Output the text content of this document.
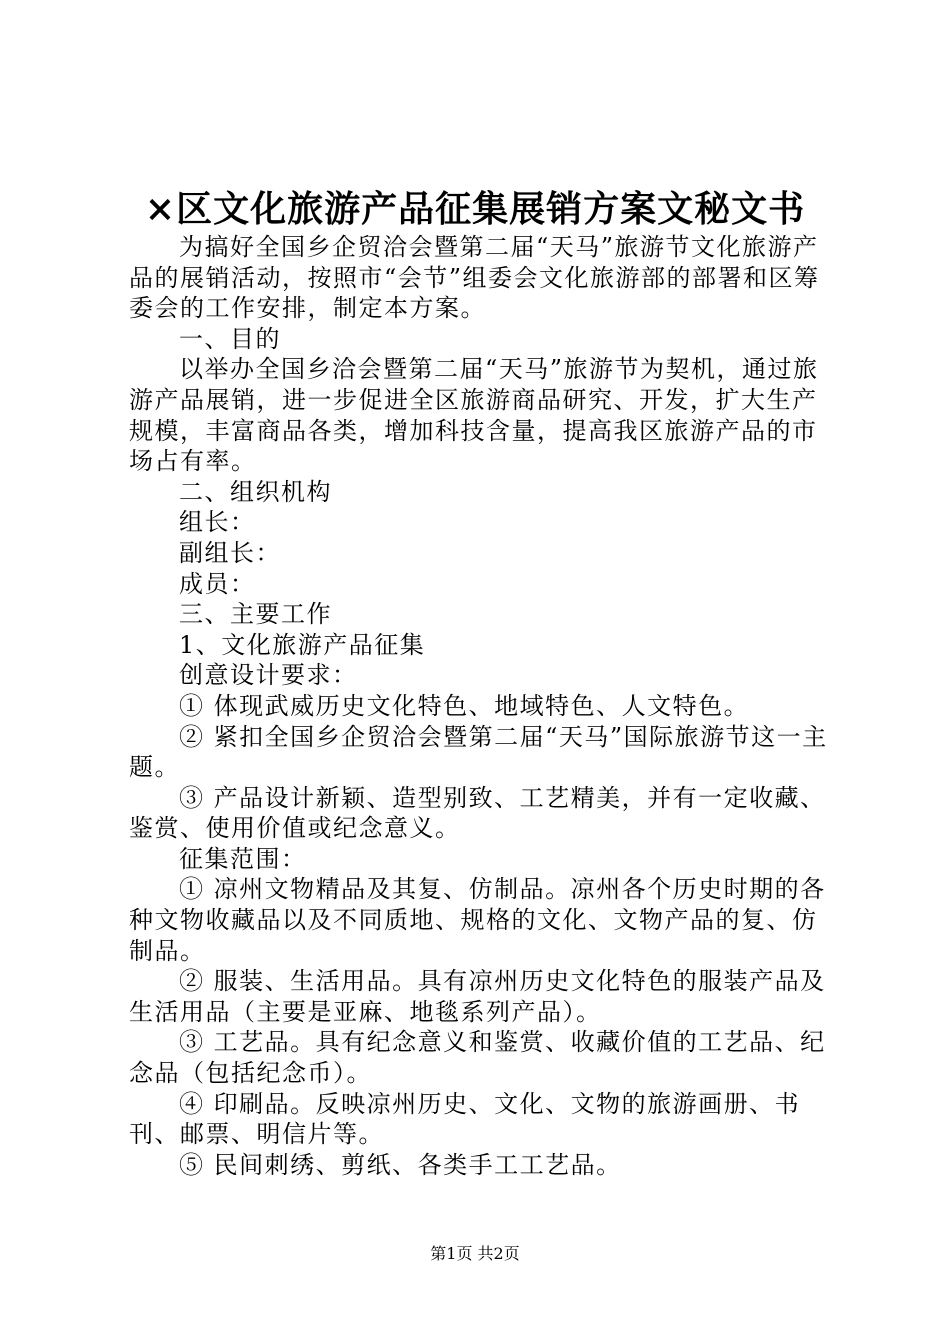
×区文化旅游产品征集展销方案文秘文书

为搞好全国乡企贸洽会暨第二届“天马”旅游节文化旅游产品的展销活动，按照市“会节”组委会文化旅游部的部署和区筹委会的工作安排，制定本方案。

一、目的

以举办全国乡洽会暨第二届“天马”旅游节为契机，通过旅游产品展销，进一步促进全区旅游商品研究、开发，扩大生产规模，丰富商品各类，增加科技含量，提高我区旅游产品的市场占有率。

二、组织机构

组长：

副组长：

成员：

三、主要工作

1、文化旅游产品征集

创意设计要求：

① 体现武威历史文化特色、地域特色、人文特色。

② 紧扣全国乡企贸洽会暨第二届“天马”国际旅游节这一主题。

③ 产品设计新颖、造型别致、工艺精美，并有一定收藏、鉴赏、使用价值或纪念意义。

征集范围：

① 凉州文物精品及其复、仿制品。凉州各个历史时期的各种文物收藏品以及不同质地、规格的文化、文物产品的复、仿制品。

② 服装、生活用品。具有凉州历史文化特色的服装产品及生活用品（主要是亚麻、地毯系列产品）。

③ 工艺品。具有纪念意义和鉴赏、收藏价值的工艺品、纪念品（包括纪念币）。

④ 印刷品。反映凉州历史、文化、文物的旅游画册、书刊、邮票、明信片等。

⑤ 民间刺绣、剪纸、各类手工工艺品。

第1页 共2页
